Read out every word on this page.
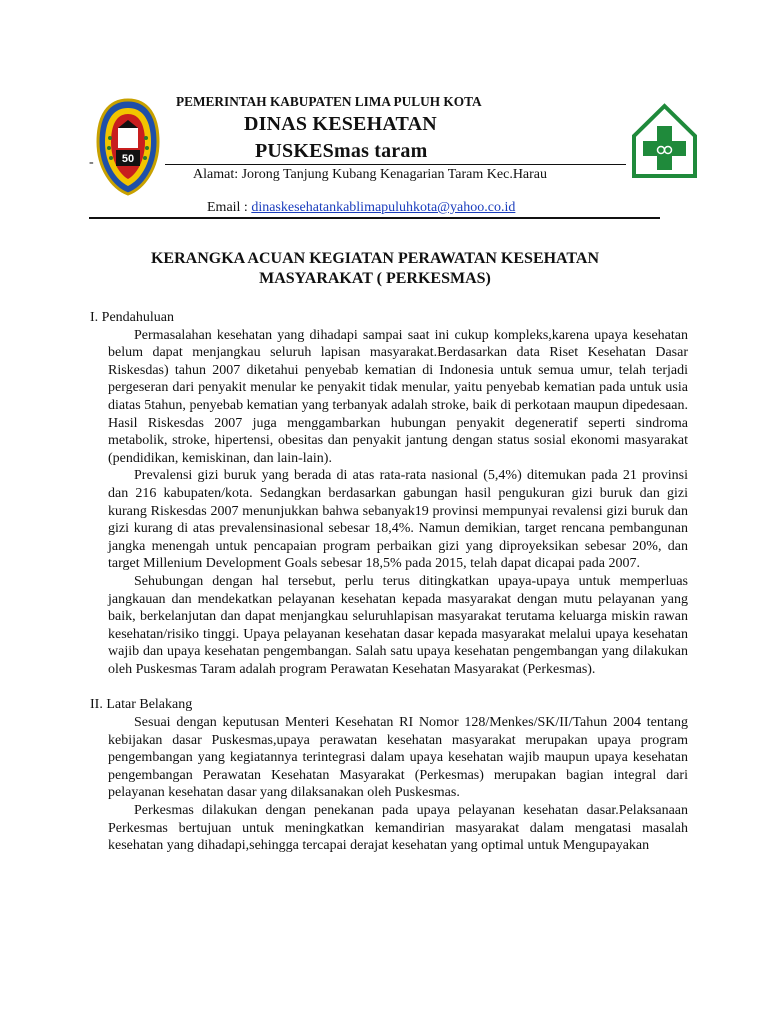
50
-
PEMERINTAH KABUPATEN LIMA PULUH KOTA
DINAS KESEHATAN
PUSKESmas taram
Alamat: Jorong Tanjung Kubang Kenagarian Taram Kec.Harau
Email : dinaskesehatankablimapuluhkota@yahoo.co.id
KERANGKA ACUAN KEGIATAN PERAWATAN KESEHATAN
MASYARAKAT ( PERKESMAS)

I. Pendahuluan

Permasalahan kesehatan yang dihadapi sampai saat ini cukup kompleks,karena upaya kesehatan belum dapat menjangkau seluruh lapisan masyarakat.Berdasarkan data Riset Kesehatan Dasar Riskesdas) tahun 2007 diketahui penyebab kematian di Indonesia untuk semua umur, telah terjadi pergeseran dari penyakit menular ke penyakit tidak menular, yaitu penyebab kematian pada untuk usia diatas 5tahun, penyebab kematian yang terbanyak adalah stroke, baik di perkotaan maupun dipedesaan. Hasil Riskesdas 2007 juga menggambarkan hubungan penyakit degeneratif seperti sindroma metabolik, stroke, hipertensi, obesitas dan penyakit jantung dengan status sosial ekonomi masyarakat (pendidikan, kemiskinan, dan lain-lain).

Prevalensi gizi buruk yang berada di atas rata-rata nasional (5,4%) ditemukan pada 21 provinsi dan 216 kabupaten/kota. Sedangkan berdasarkan gabungan hasil pengukuran gizi buruk dan gizi kurang Riskesdas 2007 menunjukkan bahwa sebanyak19 provinsi mempunyai revalensi gizi buruk dan gizi kurang di atas prevalensinasional sebesar 18,4%. Namun demikian, target rencana pembangunan jangka menengah untuk pencapaian program perbaikan gizi yang diproyeksikan sebesar 20%, dan target Millenium Development Goals sebesar 18,5% pada 2015, telah dapat dicapai pada 2007.

Sehubungan dengan hal tersebut, perlu terus ditingkatkan upaya-upaya untuk memperluas jangkauan dan mendekatkan pelayanan kesehatan kepada masyarakat dengan mutu pelayanan yang baik, berkelanjutan dan dapat menjangkau seluruhlapisan masyarakat terutama keluarga miskin rawan kesehatan/risiko tinggi. Upaya pelayanan kesehatan dasar kepada masyarakat melalui upaya kesehatan wajib dan upaya kesehatan pengembangan. Salah satu upaya kesehatan pengembangan yang dilakukan oleh Puskesmas Taram adalah program Perawatan Kesehatan Masyarakat (Perkesmas).

II. Latar Belakang

Sesuai dengan keputusan Menteri Kesehatan RI Nomor 128/Menkes/SK/II/Tahun 2004 tentang kebijakan dasar Puskesmas,upaya perawatan kesehatan masyarakat merupakan upaya program pengembangan yang kegiatannya terintegrasi dalam upaya kesehatan wajib maupun upaya kesehatan pengembangan Perawatan Kesehatan Masyarakat (Perkesmas) merupakan bagian integral dari pelayanan kesehatan dasar yang dilaksanakan oleh Puskesmas.

Perkesmas dilakukan dengan penekanan pada upaya pelayanan kesehatan dasar.Pelaksanaan Perkesmas bertujuan untuk meningkatkan kemandirian masyarakat dalam mengatasi masalah kesehatan yang dihadapi,sehingga tercapai derajat kesehatan yang optimal untuk Mengupayakan
